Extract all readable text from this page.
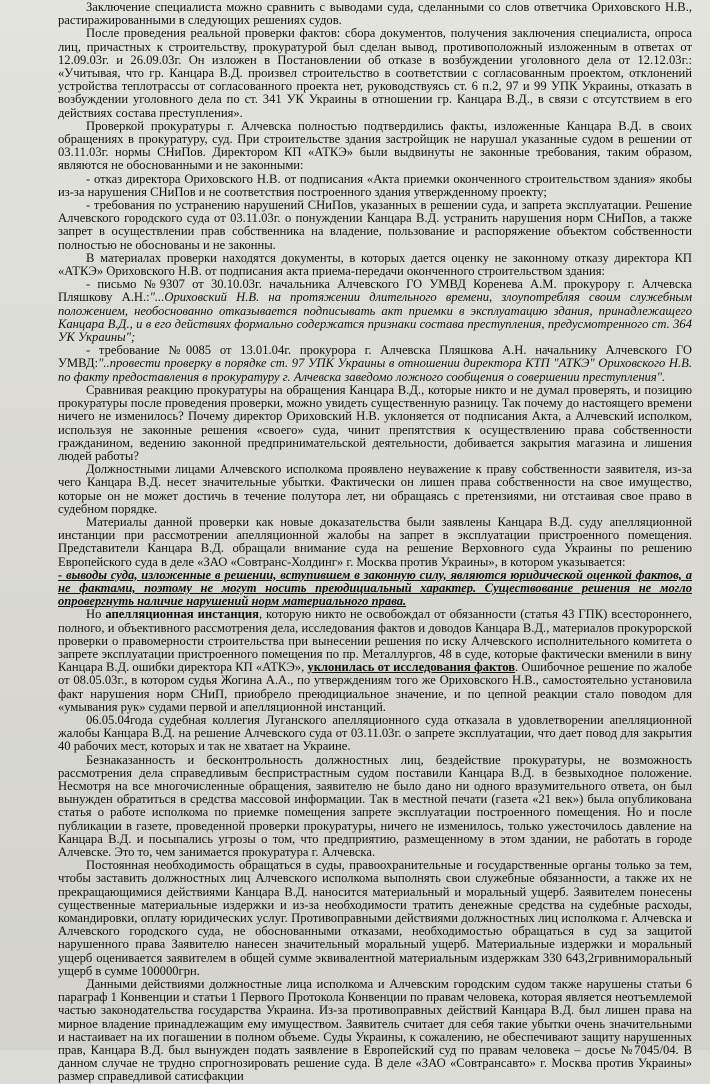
Заключение специалиста можно сравнить с выводами суда, сделанными со слов ответчика Ориховского Н.В., растиражированными в следующих решениях судов.

После проведения реальной проверки фактов: сбора документов, получения заключения специалиста, опроса лиц, причастных к строительству, прокуратурой был сделан вывод, противоположный изложенным в ответах от 12.09.03г. и 26.09.03г. Он изложен в Постановлении об отказе в возбуждении уголовного дела от 12.12.03г.: «Учитывая, что гр. Канцара В.Д. произвел строительство в соответствии с согласованным проектом, отклонений устройства теплотрассы от согласованного проекта нет, руководствуясь ст. 6 п.2, 97 и 99 УПК Украины, отказать в возбуждении уголовного дела по ст. 341 УК Украины в отношении гр. Канцара В.Д., в связи с отсутствием в его действиях состава преступления».

Проверкой прокуратуры г. Алчевска полностью подтвердились факты, изложенные Канцара В.Д. в своих обращениях в прокуратуру, суд. При строительстве здания застройщик не нарушал указанные судом в решении от 03.11.03г. нормы СНиПов. Директором КП «АТКЭ» были выдвинуты не законные требования, таким образом, являются не обоснованными и не законными:

- отказ директора Ориховского Н.В. от подписания «Акта приемки оконченного строительством здания» якобы из-за нарушения СНиПов и не соответствия построенного здания утвержденному проекту;

- требования по устранению нарушений СНиПов, указанных в решении суда, и запрета эксплуатации. Решение Алчевского городского суда от 03.11.03г. о понуждении Канцара В.Д. устранить нарушения норм СНиПов, а также запрет в осуществлении прав собственника на владение, пользование и распоряжение объектом собственности полностью не обоснованы и не законны.

В материалах проверки находятся документы, в которых дается оценку не законному отказу директора КП «АТКЭ» Ориховского Н.В. от подписания акта приема-передачи оконченного строительством здания:

- письмо №9307 от 30.10.03г. начальника Алчевского ГО УМВД Коренева А.М. прокурору г. Алчевска Пляшкову А.Н.:"...Ориховский Н.В. на протяжении длительного времени, злоупотребляя своим служебным положением, необоснованно отказывается подписывать акт приемки в эксплуатацию здания, принадлежащего Канцара В.Д., и в его действиях формально содержатся признаки состава преступления, предусмотренного ст. 364 УК Украины";

- требование №0085 от 13.01.04г. прокурора г. Алчевска Пляшкова А.Н. начальнику Алчевского ГО УМВД:"..провести проверку в порядке ст. 97 УПК Украины в отношении директора КТП "АТКЭ" Ориховского Н.В. по факту предоставления в прокуратуру г. Алчевска заведомо ложного сообщения о совершении преступления".

Сравнивая реакцию прокуратуры на обращения Канцара В.Д., которые никто и не думал проверять, и позицию прокуратуры после проведения проверки, можно увидеть существенную разницу. Так почему до настоящего времени ничего не изменилось? Почему директор Ориховский Н.В. уклоняется от подписания Акта, а Алчевский исполком, используя не законные решения «своего» суда, чинит препятствия к осуществлению права собственности гражданином, ведению законной предпринимательской деятельности, добивается закрытия магазина и лишения людей работы?

Должностными лицами Алчевского исполкома проявлено неуважение к праву собственности заявителя, из-за чего Канцара В.Д. несет значительные убытки. Фактически он лишен права собственности на свое имущество, которые он не может достичь в течение полутора лет, ни обращаясь с претензиями, ни отстаивая свое право в судебном порядке.

Материалы данной проверки как новые доказательства были заявлены Канцара В.Д. суду апелляционной инстанции при рассмотрении апелляционной жалобы на запрет в эксплуатации пристроенного помещения. Представители Канцара В.Д. обращали внимание суда на решение Верховного суда Украины по решению Европейского суда в деле «ЗАО «Совтранс-Холдинг» г. Москва против Украины», в котором указывается:

- выводы суда, изложенные в решении, вступившем в законную силу, являются юридической оценкой фактов, а не фактами, поэтому не могут носить преюдициальный характер. Существование решения не могло опровергнуть наличие нарушений норм материального права.

Но апелляционная инстанция, которую никто не освобождал от обязанности (статья 43 ГПК) всестороннего, полного, и объективного рассмотрения дела, исследования фактов и доводов Канцара В.Д., материалов прокурорской проверки о правомерности строительства при вынесении решения по иску Алчевского исполнительного комитета о запрете эксплуатации пристроенного помещения по пр. Металлургов, 48 в суде, которые фактически вменили в вину Канцара В.Д. ошибки директора КП «АТКЭ», уклонилась от исследования фактов. Ошибочное решение по жалобе от 08.05.03г., в котором судья Жогина А.А., по утверждениям того же Ориховского Н.В., самостоятельно установила факт нарушения норм СНиП, приобрело преюдициальное значение, и по цепной реакции стало поводом для «умывания рук» судами первой и апелляционной инстанций.

06.05.04года судебная коллегия Луганского апелляционного суда отказала в удовлетворении апелляционной жалобы Канцара В.Д. на решение Алчевского суда от 03.11.03г. о запрете эксплуатации, что дает повод для закрытия 40 рабочих мест, которых и так не хватает на Украине.

Безнаказанность и бесконтрольность должностных лиц, бездействие прокуратуры, не возможность рассмотрения дела справедливым беспристрастным судом поставили Канцара В.Д. в безвыходное положение. Несмотря на все многочисленные обращения, заявителю не было дано ни одного вразумительного ответа, он был вынужден обратиться в средства массовой информации. Так в местной печати (газета «21 век») была опубликована статья о работе исполкома по приемке помещения запрете эксплуатации построенного помещения. Но и после публикации в газете, проведенной проверки прокуратуры, ничего не изменилось, только ужесточилось давление на Канцара В.Д. и посыпались угрозы о том, что предприятию, размещенному в этом здании, не работать в городе Алчевске. Это то, чем занимается прокуратура г. Алчевска.

Постоянная необходимость обращаться в суды, правоохранительные и государственные органы только за тем, чтобы заставить должностных лиц Алчевского исполкома выполнять свои служебные обязанности, а также их не прекращающимися действиями Канцара В.Д. наносится материальный и моральный ущерб. Заявителем понесены существенные материальные издержки и из-за необходимости тратить денежные средства на судебные расходы, командировки, оплату юридических услуг. Противоправными действиями должностных лиц исполкома г. Алчевска и Алчевского городского суда, не обоснованными отказами, необходимостью обращаться в суд за защитой нарушенного права Заявителю нанесен значительный моральный ущерб. Материальные издержки и моральный ущерб оценивается заявителем в общей сумме эквивалентной материальным издержкам 330 643,2гривниморальный ущерб в сумме 100000грн.

Данными действиями должностные лица исполкома и Алчевским городским судом также нарушены статьи 6 параграф 1 Конвенции и статьи 1 Первого Протокола Конвенции по правам человека, которая является неотъемлемой частью законодательства государства Украина. Из-за противоправных действий Канцара В.Д. был лишен права на мирное владение принадлежащим ему имуществом. Заявитель считает для себя такие убытки очень значительными и настаивает на их погашении в полном объеме. Суды Украины, к сожалению, не обеспечивают защиту нарушенных прав, Канцара В.Д. был вынужден подать заявление в Европейский суд по правам человека – досье №7045/04. В данном случае не трудно спрогнозировать решение суда. В деле «ЗАО «Совтрансавто» г. Москва против Украины» размер справедливой сатисфакции
